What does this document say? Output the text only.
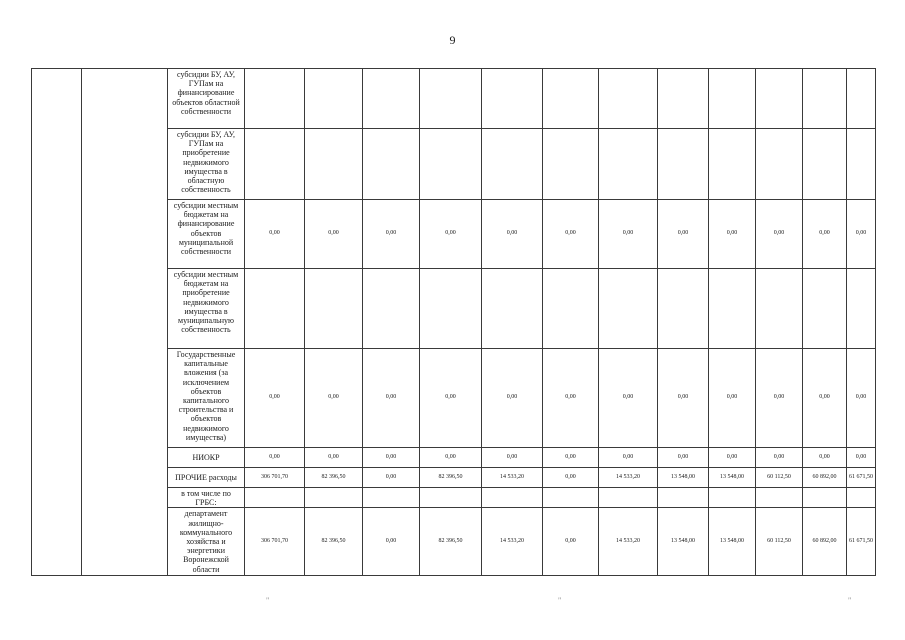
9
		субсидии БУ, АУ, ГУПам на финансирование объектов областной собственности												
		субсидии БУ, АУ, ГУПам на приобретение недвижимого имущества в областную собственность												
		субсидии местным бюджетам на финансирование объектов муниципальной собственности	0,00	0,00	0,00	0,00	0,00	0,00	0,00	0,00	0,00	0,00	0,00	0,00
		субсидии местным бюджетам на приобретение недвижимого имущества в муниципальную собственность												
		Государственные капитальные вложения (за исключением объектов капитального строительства и объектов недвижимого имущества)	0,00	0,00	0,00	0,00	0,00	0,00	0,00	0,00	0,00	0,00	0,00	0,00
		НИОКР	0,00	0,00	0,00	0,00	0,00	0,00	0,00	0,00	0,00	0,00	0,00	0,00
		ПРОЧИЕ расходы	306 701,70	82 396,50	0,00	82 396,50	14 533,20	0,00	14 533,20	13 548,00	13 548,00	60 112,50	60 892,00	61 671,50
		в том числе по ГРБС:												
		департамент жилищно-коммунального хозяйства и энергетики Воронежской области	306 701,70	82 396,50	0,00	82 396,50	14 533,20	0,00	14 533,20	13 548,00	13 548,00	60 112,50	60 892,00	61 671,50
"	"	"
